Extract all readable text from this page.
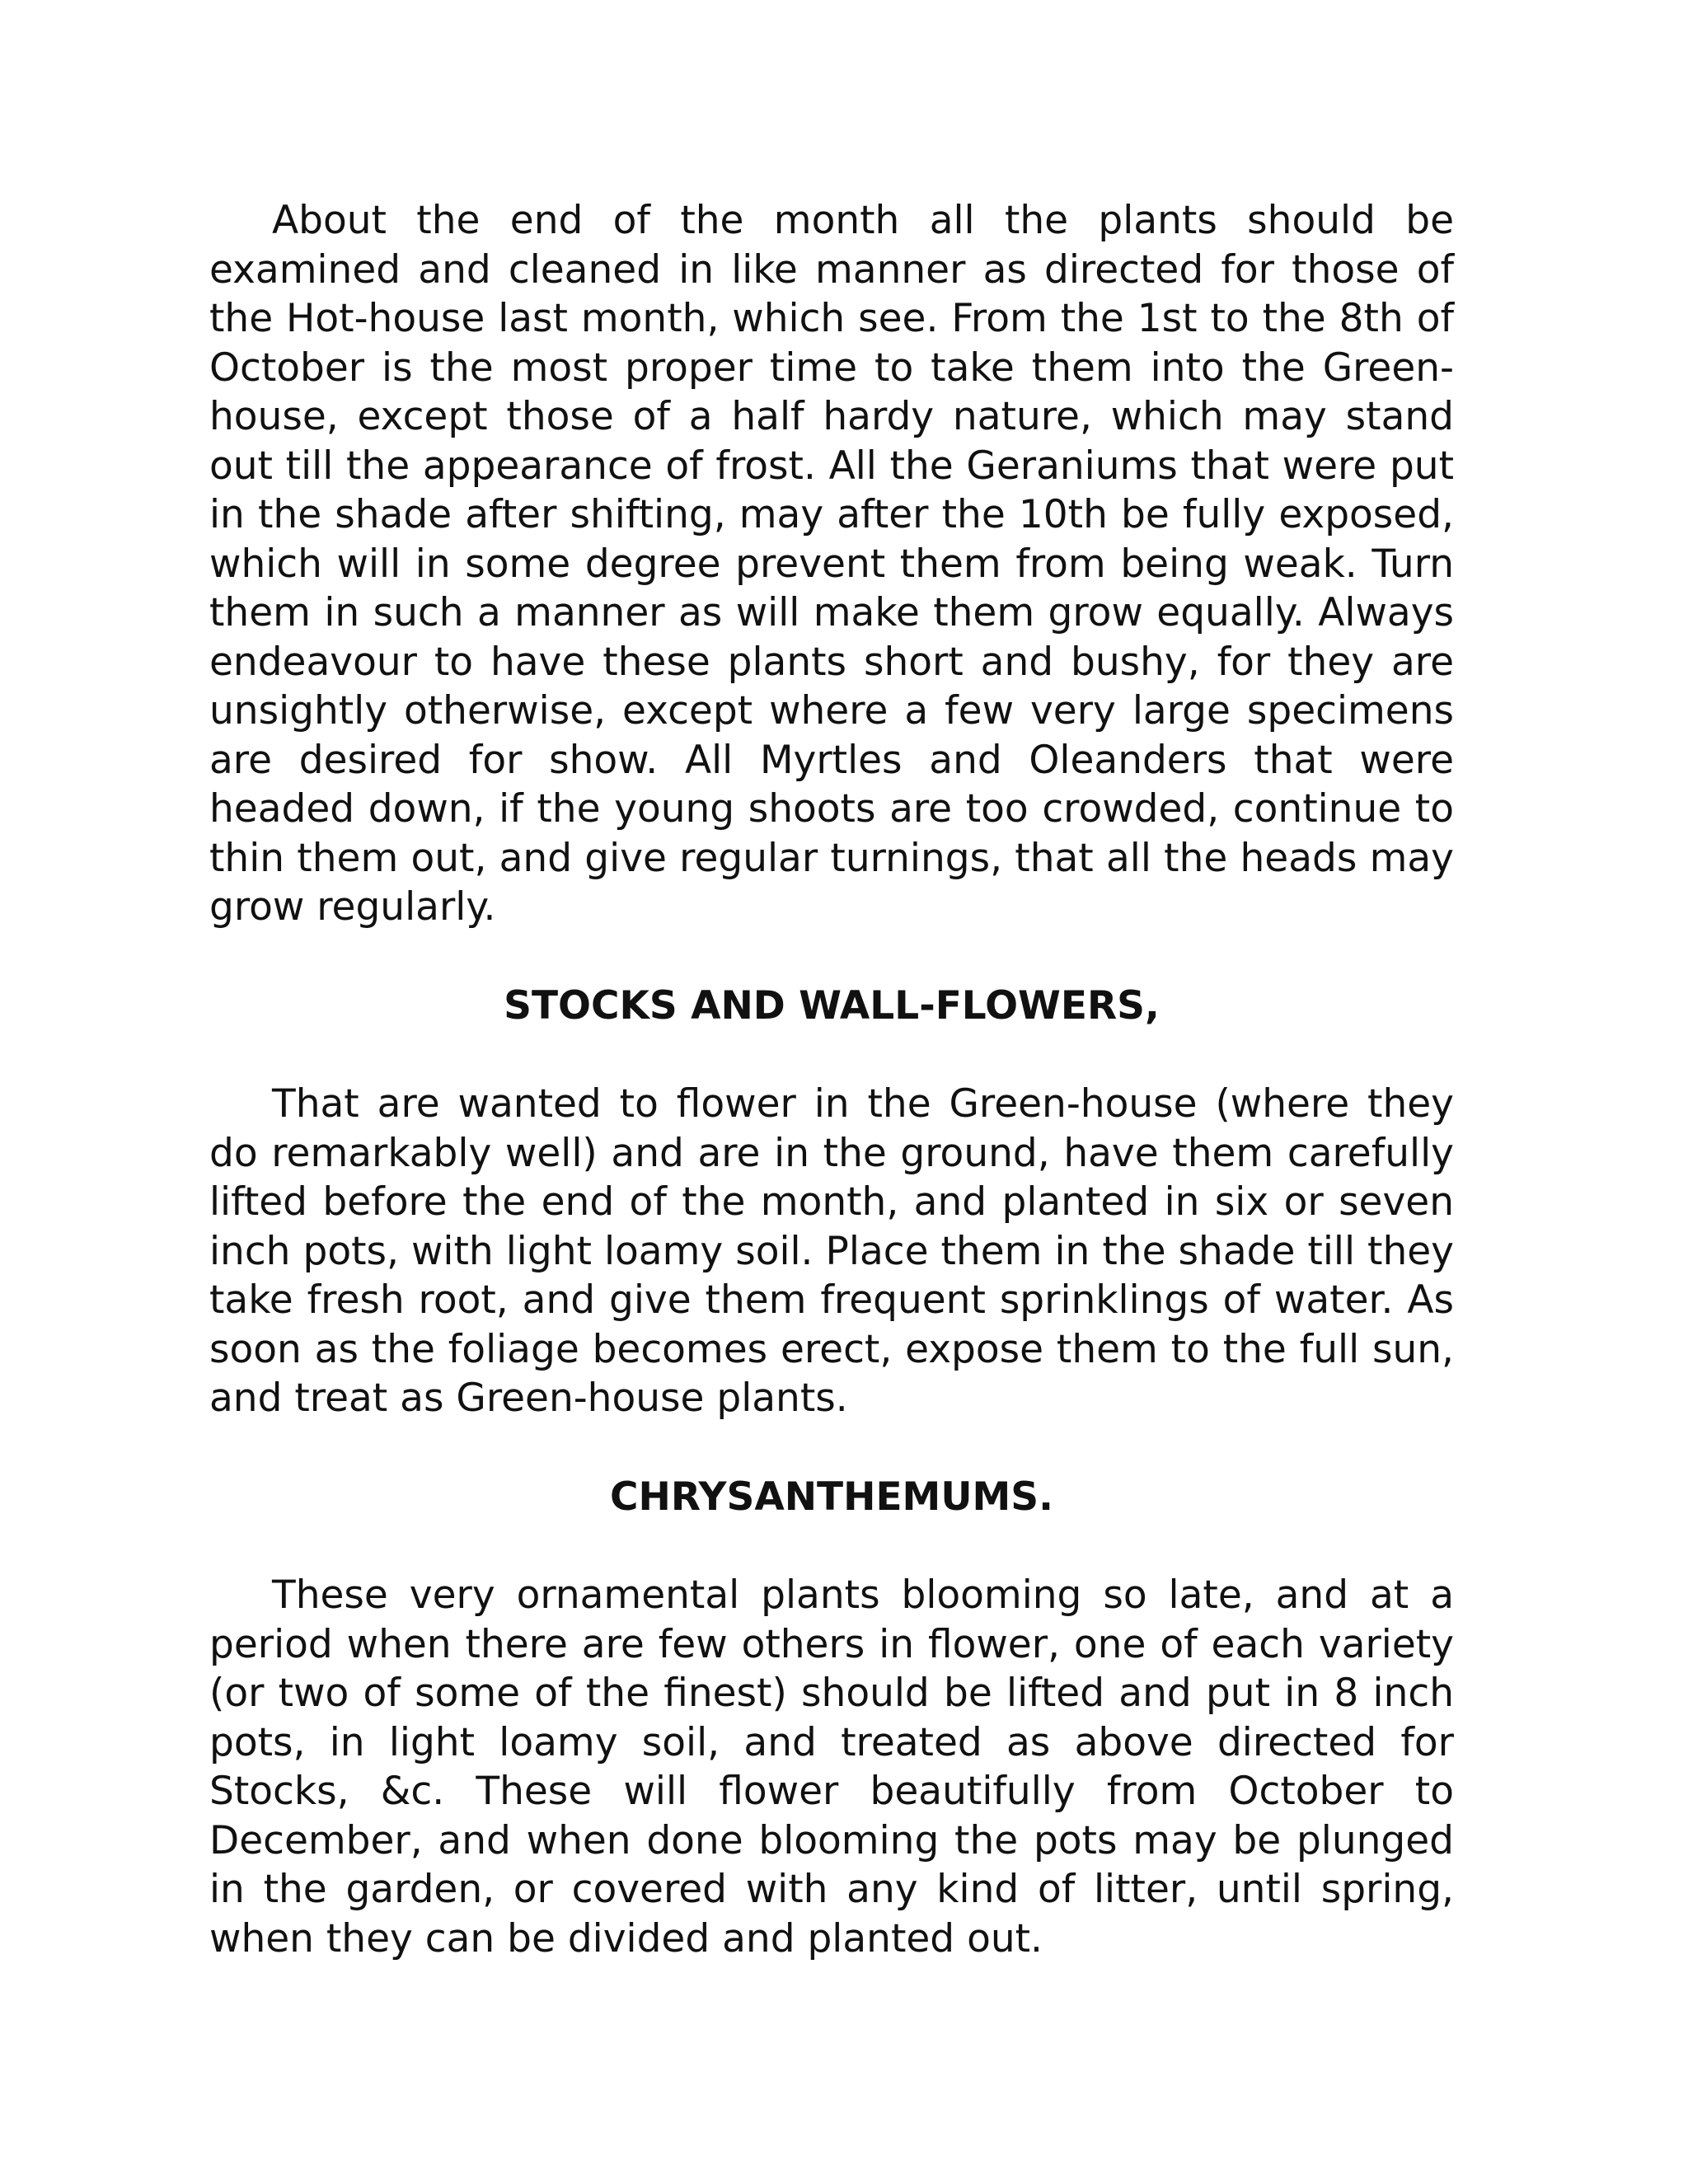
About the end of the month all the plants should be examined and cleaned in like manner as directed for those of the Hot-house last month, which see. From the 1st to the 8th of October is the most proper time to take them into the Green-house, except those of a half hardy nature, which may stand out till the appearance of frost. All the Geraniums that were put in the shade after shifting, may after the 10th be fully exposed, which will in some degree prevent them from being weak. Turn them in such a manner as will make them grow equally. Always endeavour to have these plants short and bushy, for they are unsightly otherwise, except where a few very large specimens are desired for show. All Myrtles and Oleanders that were headed down, if the young shoots are too crowded, continue to thin them out, and give regular turnings, that all the heads may grow regularly.

STOCKS AND WALL-FLOWERS,

That are wanted to flower in the Green-house (where they do remarkably well) and are in the ground, have them carefully lifted before the end of the month, and planted in six or seven inch pots, with light loamy soil. Place them in the shade till they take fresh root, and give them frequent sprinklings of water. As soon as the foliage becomes erect, expose them to the full sun, and treat as Green-house plants.

CHRYSANTHEMUMS.

These very ornamental plants blooming so late, and at a period when there are few others in flower, one of each variety (or two of some of the finest) should be lifted and put in 8 inch pots, in light loamy soil, and treated as above directed for Stocks, &c. These will flower beautifully from October to December, and when done blooming the pots may be plunged in the garden, or covered with any kind of litter, until spring, when they can be divided and planted out.
